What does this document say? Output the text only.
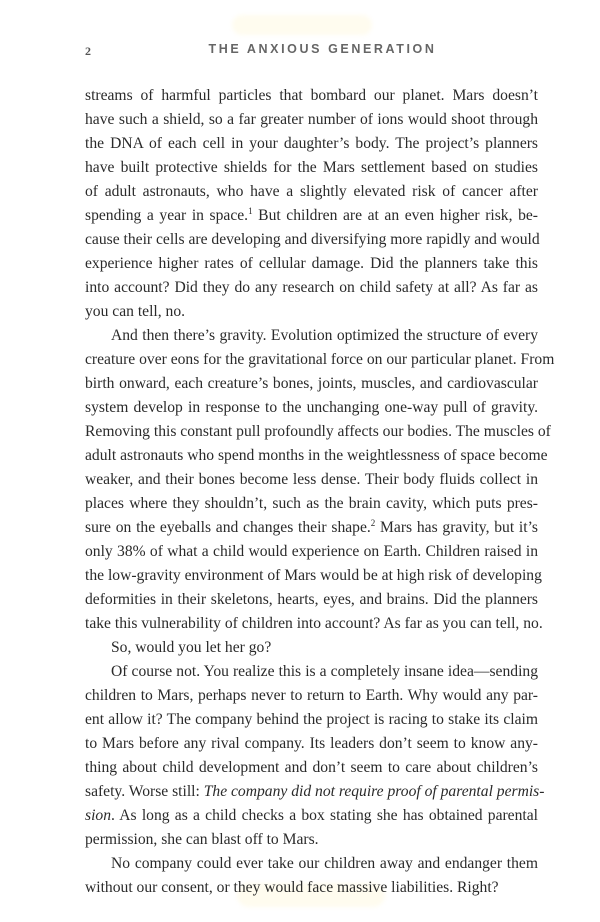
2	THE ANXIOUS GENERATION
streams of harmful particles that bombard our planet. Mars doesn’t
have such a shield, so a far greater number of ions would shoot through
the DNA of each cell in your daughter’s body. The project’s planners
have built protective shields for the Mars settlement based on studies
of adult astronauts, who have a slightly elevated risk of cancer after
spending a year in space.$^1$ But children are at an even higher risk, be-
cause their cells are developing and diversifying more rapidly and would
experience higher rates of cellular damage. Did the planners take this
into account? Did they do any research on child safety at all? As far as
you can tell, no.
And then there’s gravity. Evolution optimized the structure of every
creature over eons for the gravitational force on our particular planet. From
birth onward, each creature’s bones, joints, muscles, and cardiovascular
system develop in response to the unchanging one-way pull of gravity.
Removing this constant pull profoundly affects our bodies. The muscles of
adult astronauts who spend months in the weightlessness of space become
weaker, and their bones become less dense. Their body fluids collect in
places where they shouldn’t, such as the brain cavity, which puts pres-
sure on the eyeballs and changes their shape.$^2$ Mars has gravity, but it’s
only 38% of what a child would experience on Earth. Children raised in
the low-gravity environment of Mars would be at high risk of developing
deformities in their skeletons, hearts, eyes, and brains. Did the planners
take this vulnerability of children into account? As far as you can tell, no.
So, would you let her go?
Of course not. You realize this is a completely insane idea—sending
children to Mars, perhaps never to return to Earth. Why would any par-
ent allow it? The company behind the project is racing to stake its claim
to Mars before any rival company. Its leaders don’t seem to know any-
thing about child development and don’t seem to care about children’s
safety. Worse still: The company did not require proof of parental permis-
sion. As long as a child checks a box stating she has obtained parental
permission, she can blast off to Mars.
No company could ever take our children away and endanger them
without our consent, or they would face massive liabilities. Right?
